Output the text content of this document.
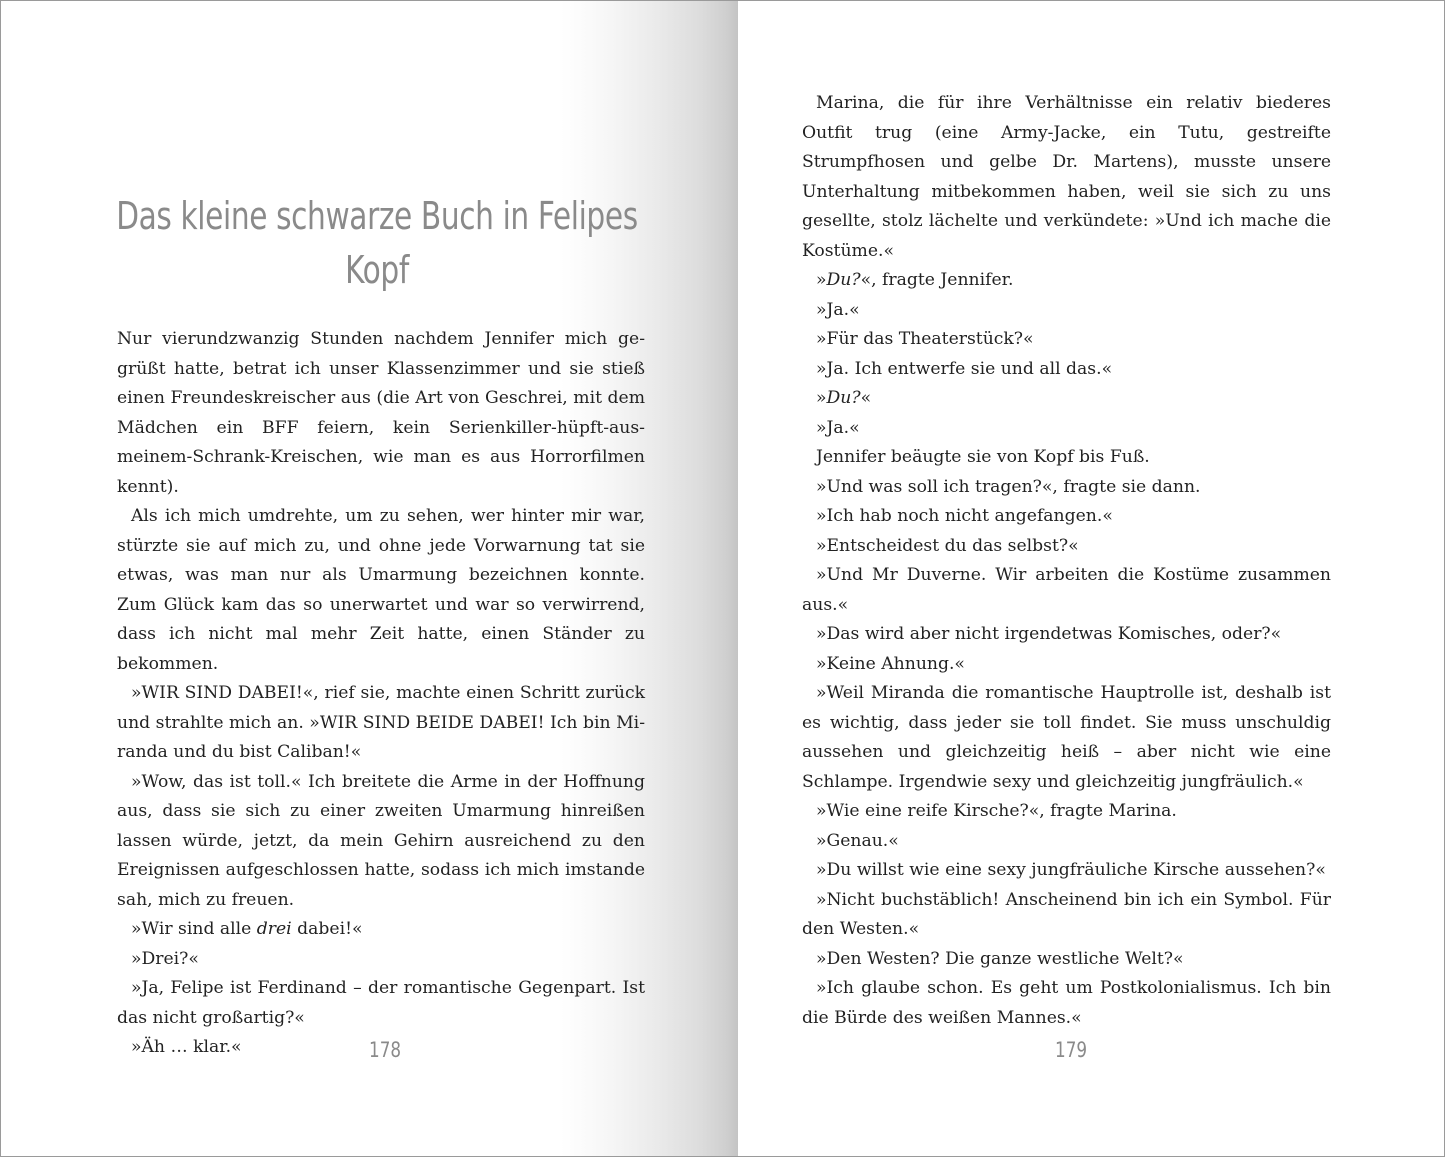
Das kleine schwarze Buch in Felipes Kopf

Nur vierundzwanzig Stunden nachdem Jennifer mich gegrüßt hatte, betrat ich unser Klassenzimmer und sie stieß einen Freundeskreischer aus (die Art von Geschrei, mit dem Mädchen ein BFF feiern, kein Serienkiller-hüpft-aus-meinem-Schrank-Kreischen, wie man es aus Horrorfilmen kennt).

Als ich mich umdrehte, um zu sehen, wer hinter mir war, stürzte sie auf mich zu, und ohne jede Vorwarnung tat sie etwas, was man nur als Umarmung bezeichnen konnte. Zum Glück kam das so unerwartet und war so verwirrend, dass ich nicht mal mehr Zeit hatte, einen Ständer zu bekommen.

»WIR SIND DABEI!«, rief sie, machte einen Schritt zurück und strahlte mich an. »WIR SIND BEIDE DABEI! Ich bin Miranda und du bist Caliban!«

»Wow, das ist toll.« Ich breitete die Arme in der Hoffnung aus, dass sie sich zu einer zweiten Umarmung hinreißen lassen würde, jetzt, da mein Gehirn ausreichend zu den Ereignissen aufgeschlossen hatte, sodass ich mich imstande sah, mich zu freuen.

»Wir sind alle drei dabei!«

»Drei?«

»Ja, Felipe ist Ferdinand – der romantische Gegenpart. Ist das nicht großartig?«

»Äh … klar.«	178

Marina, die für ihre Verhältnisse ein relativ biederes Outfit trug (eine Army-Jacke, ein Tutu, gestreifte Strumpfhosen und gelbe Dr. Martens), musste unsere Unterhaltung mitbekommen haben, weil sie sich zu uns gesellte, stolz lächelte und verkündete: »Und ich mache die Kostüme.«

»Du?«, fragte Jennifer.

»Ja.«

»Für das Theaterstück?«

»Ja. Ich entwerfe sie und all das.«

»Du?«

»Ja.«

Jennifer beäugte sie von Kopf bis Fuß.

»Und was soll ich tragen?«, fragte sie dann.

»Ich hab noch nicht angefangen.«

»Entscheidest du das selbst?«

»Und Mr Duverne. Wir arbeiten die Kostüme zusammen aus.«

»Das wird aber nicht irgendetwas Komisches, oder?«

»Keine Ahnung.«

»Weil Miranda die romantische Hauptrolle ist, deshalb ist es wichtig, dass jeder sie toll findet. Sie muss unschuldig aussehen und gleichzeitig heiß – aber nicht wie eine Schlampe. Irgendwie sexy und gleichzeitig jungfräulich.«

»Wie eine reife Kirsche?«, fragte Marina.

»Genau.«

»Du willst wie eine sexy jungfräuliche Kirsche aussehen?«

»Nicht buchstäblich! Anscheinend bin ich ein Symbol. Für den Westen.«

»Den Westen? Die ganze westliche Welt?«

»Ich glaube schon. Es geht um Postkolonialismus. Ich bin die Bürde des weißen Mannes.«

179
